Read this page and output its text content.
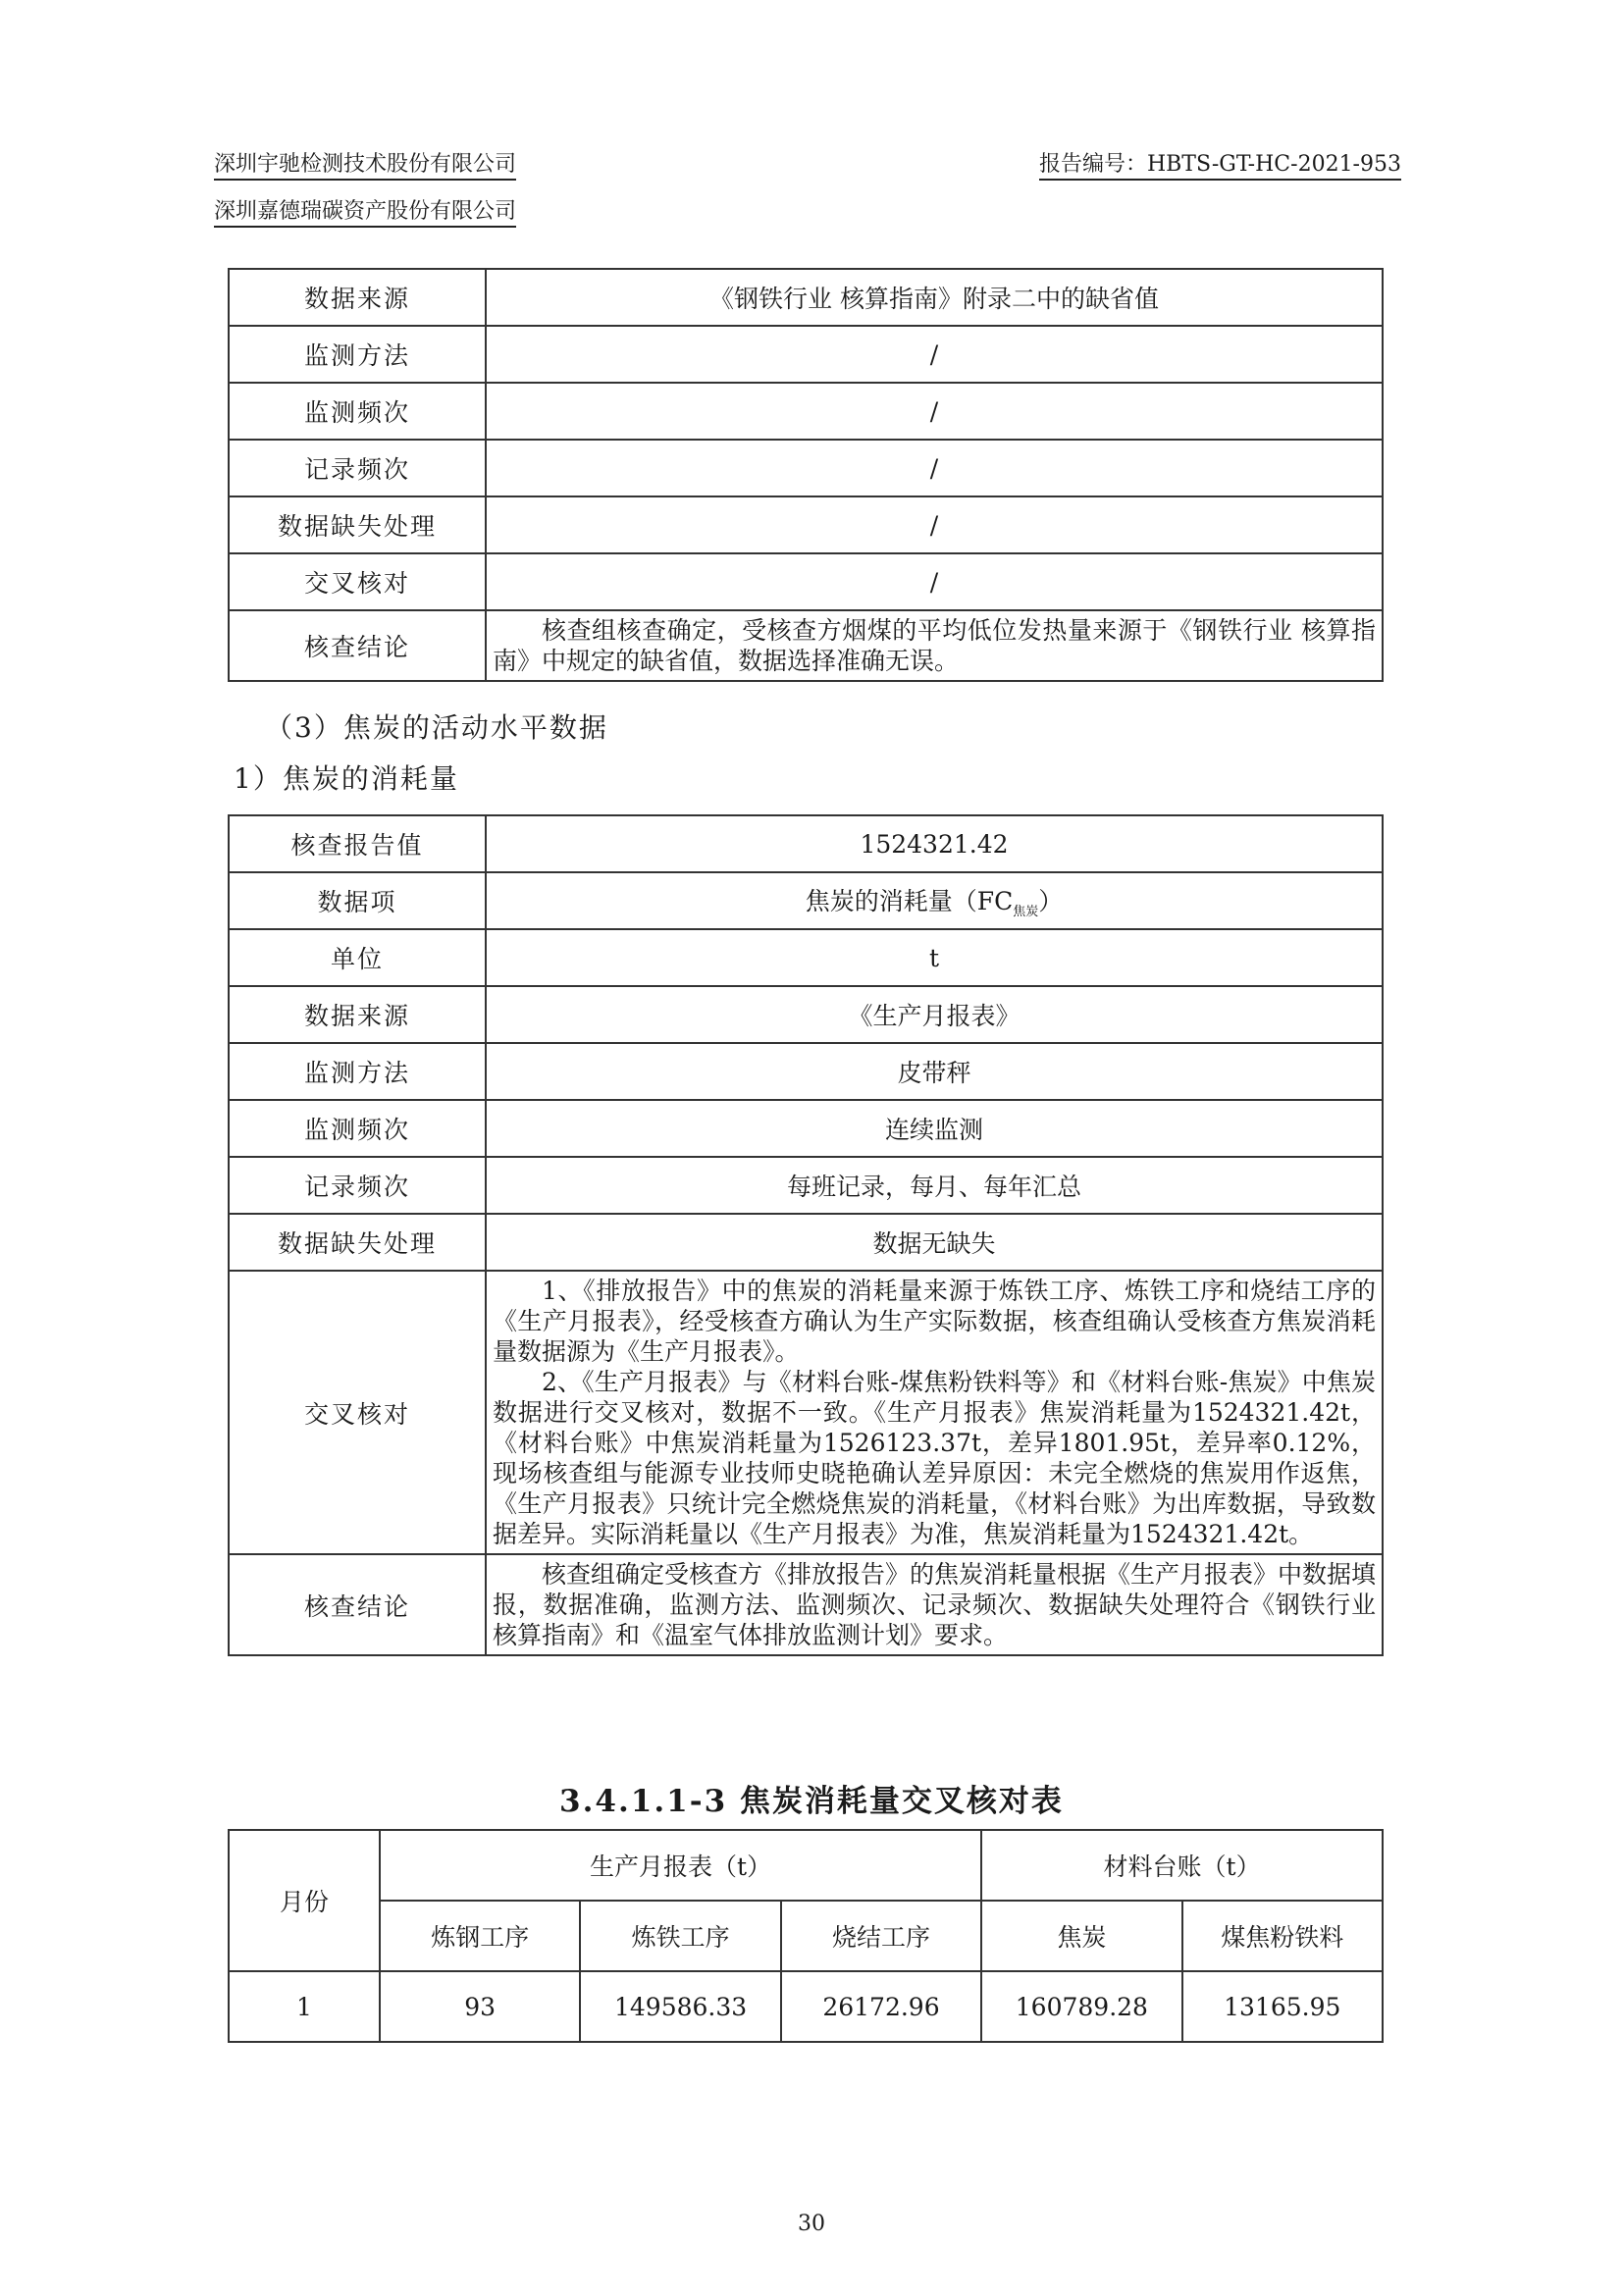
深圳宇驰检测技术股份有限公司	报告编号：HBTS-GT-HC-2021-953
深圳嘉德瑞碳资产股份有限公司
数据来源	《钢铁行业 核算指南》附录二中的缺省值
监测方法	/
监测频次	/
记录频次	/
数据缺失处理	/
交叉核对	/
核查结论	核查组核查确定，受核查方烟煤的平均低位发热量来源于《钢铁行业 核算指南》中规定的缺省值，数据选择准确无误。
（3）焦炭的活动水平数据
1）焦炭的消耗量
核查报告值	1524321.42
数据项	焦炭的消耗量$(FC_{焦炭})$
单位	t
数据来源	《生产月报表》
监测方法	皮带秤
监测频次	连续监测
记录频次	每班记录，每月、每年汇总
数据缺失处理	数据无缺失
交叉核对	1、《排放报告》中的焦炭的消耗量来源于炼铁工序、炼铁工序和烧结工序的《生产月报表》，经受核查方确认为生产实际数据，核查组确认受核查方焦炭消耗量数据源为《生产月报表》。
2、《生产月报表》与《材料台账-煤焦粉铁料等》和《材料台账-焦炭》中焦炭数据进行交叉核对，数据不一致。《生产月报表》焦炭消耗量为1524321.42t，《材料台账》中焦炭消耗量为1526123.37t，差异1801.95t，差异率0.12%，现场核查组与能源专业技师史晓艳确认差异原因：未完全燃烧的焦炭用作返焦，《生产月报表》只统计完全燃烧焦炭的消耗量，《材料台账》为出库数据，导致数据差异。实际消耗量以《生产月报表》为准，焦炭消耗量为1524321.42t。

核查结论	核查组确定受核查方《排放报告》的焦炭消耗量根据《生产月报表》中数据填报，数据准确，监测方法、监测频次、记录频次、数据缺失处理符合《钢铁行业 核算指南》和《温室气体排放监测计划》要求。
3.4.1.1-3 焦炭消耗量交叉核对表
月份	生产月报表（t）			材料台账（t）	
	炼钢工序	炼铁工序	烧结工序	焦炭	煤焦粉铁料
1	93	149586.33	26172.96	160789.28	13165.95
30
